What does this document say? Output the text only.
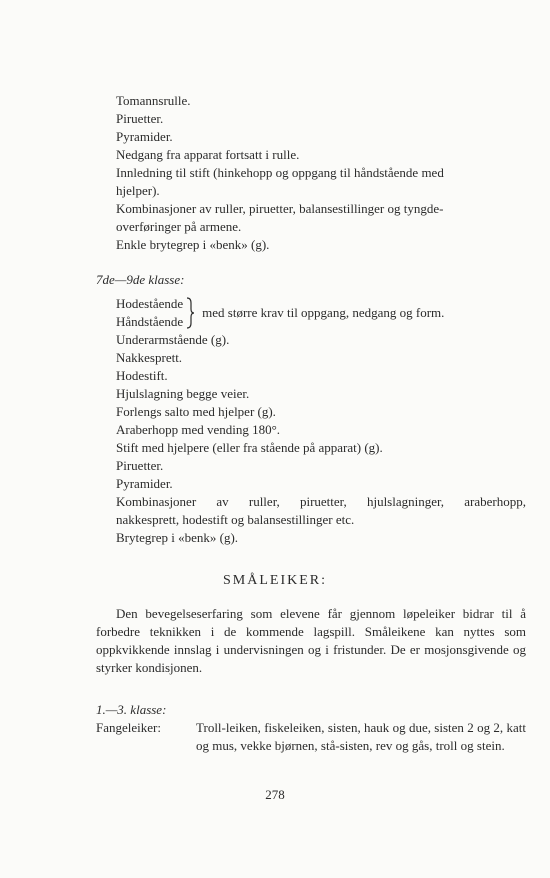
Tomannsrulle.
Piruetter.
Pyramider.
Nedgang fra apparat fortsatt i rulle.
Innledning til stift (hinkehopp og oppgang til håndstående med
hjelper).
Kombinasjoner av ruller, piruetter, balansestillinger og tyngde-
overføringer på armene.
Enkle brytegrep i «benk» (g).
7de—9de klasse:
Hodestående
Håndstående
med større krav til oppgang, nedgang og form.
Underarmstående (g).
Nakkesprett.
Hodestift.
Hjulslagning begge veier.
Forlengs salto med hjelper (g).
Araberhopp med vending 180°.
Stift med hjelpere (eller fra stående på apparat) (g).
Piruetter.
Pyramider.
Kombinasjoner av ruller, piruetter, hjulslagninger, araberhopp,
nakkesprett, hodestift og balansestillinger etc.
Brytegrep i «benk» (g).
SMÅLEIKER:
Den bevegelseserfaring som elevene får gjennom løpeleiker bidrar til å forbedre teknikken i de kommende lagspill. Småleikene kan nyttes som oppkvikkende innslag i undervisningen og i fristunder. De er mosjonsgivende og styrker kondisjonen.
1.—3. klasse:
Fangeleiker:	Troll-leiken, fiskeleiken, sisten, hauk og due, sisten 2 og 2, katt og mus, vekke bjørnen, stå-sisten, rev og gås, troll og stein.
278
